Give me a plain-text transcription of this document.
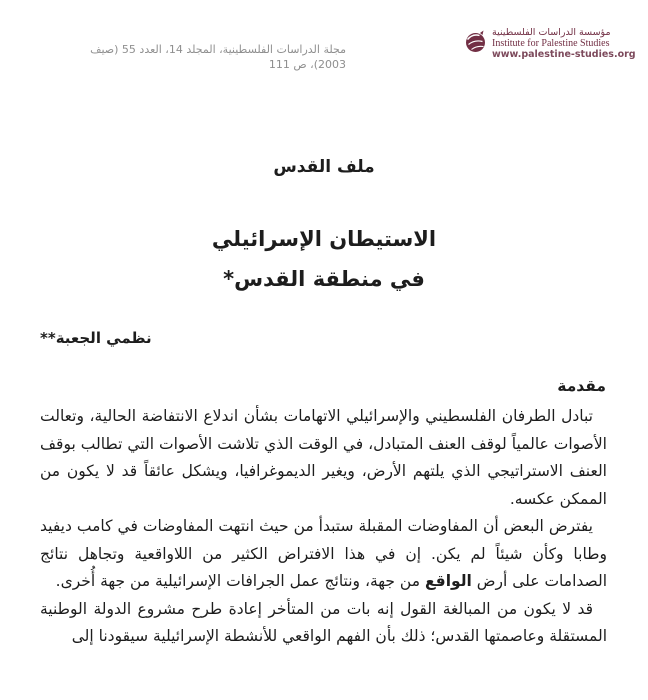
مجلة الدراسات الفلسطينية، المجلد 14، العدد 55 (صيف 2003)، ص 111
مؤسسة الدراسات الفلسطينية
Institute for Palestine Studies
www.palestine-studies.org
ملف القدس
الاستيطان الإسرائيلي
في منطقة القدس*
نظمي الجعبة**
مقدمة

تبادل الطرفان الفلسطيني والإسرائيلي الاتهامات بشأن اندلاع الانتفاضة الحالية، وتعالت الأصوات عالمياً لوقف العنف المتبادل، في الوقت الذي تلاشت الأصوات التي تطالب بوقف العنف الاستراتيجي الذي يلتهم الأرض، ويغير الديموغرافيا، ويشكل عائقاً قد لا يكون من الممكن عكسه.

يفترض البعض أن المفاوضات المقبلة ستبدأ من حيث انتهت المفاوضات في كامب ديفيد وطابا وكأن شيئاً لم يكن. إن في هذا الافتراض الكثير من اللاواقعية وتجاهل نتائج الصدامات على أرض الواقع من جهة، ونتائج عمل الجرافات الإسرائيلية من جهة أُخرى.

قد لا يكون من المبالغة القول إنه بات من المتأخر إعادة طرح مشروع الدولة الوطنية المستقلة وعاصمتها القدس؛ ذلك بأن الفهم الواقعي للأنشطة الإسرائيلية سيقودنا إلى
